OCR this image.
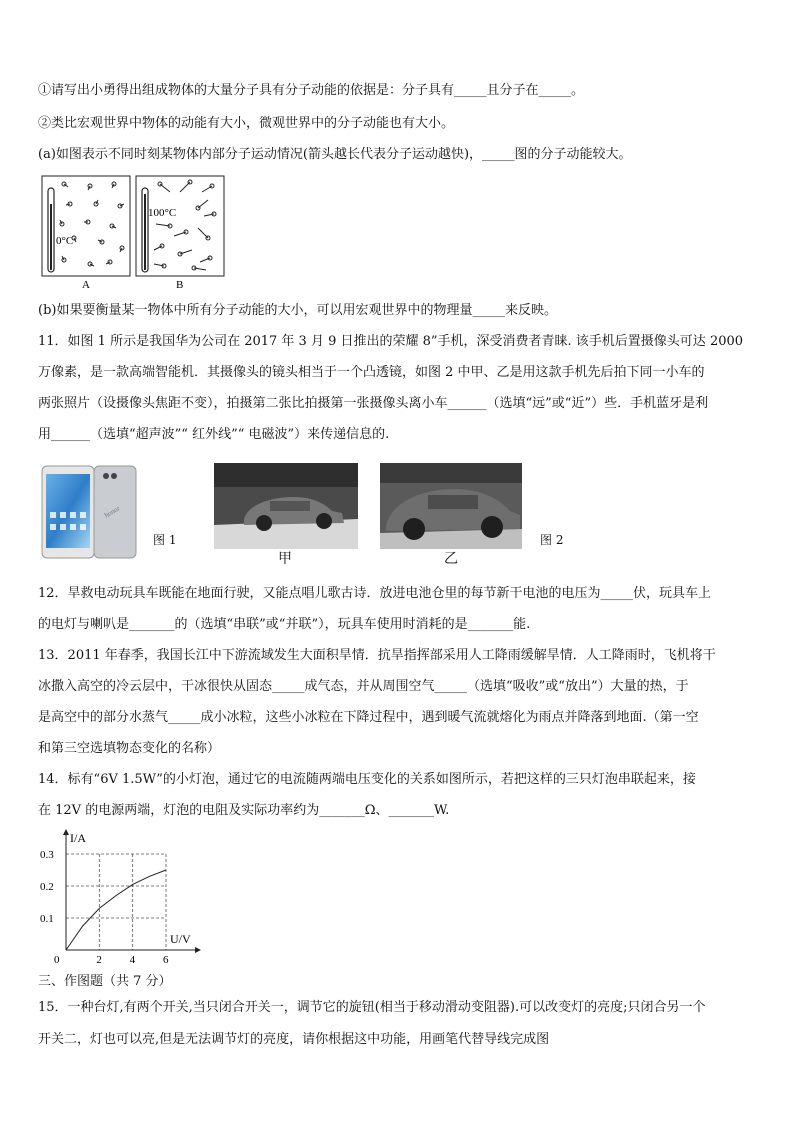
①请写出小勇得出组成物体的大量分子具有分子动能的依据是：分子具有_____且分子在_____。
②类比宏观世界中物体的动能有大小，微观世界中的分子动能也有大小。
(a)如图表示不同时刻某物体内部分子运动情况(箭头越长代表分子运动越快)，_____图的分子动能较大。
0°C
A
100°C
B
(b)如果要衡量某一物体中所有分子动能的大小，可以用宏观世界中的物理量_____来反映。
11．如图 1 所示是我国华为公司在 2017 年 3 月 9 日推出的荣耀 8”手机，深受消费者青睐. 该手机后置摄像头可达 2000
万像素，是一款高端智能机．其摄像头的镜头相当于一个凸透镜，如图 2 中甲、乙是用这款手机先后拍下同一小车的
两张照片（设摄像头焦距不变），拍摄第二张比拍摄第一张摄像头离小车______（选填“远”或“近”）些．手机蓝牙是利
用______（选填“超声波”“ 红外线”“ 电磁波”）来传递信息的.
honor
图 1
甲	乙
图 2
12．旱救电动玩具车既能在地面行驶，又能点唱儿歌古诗．放进电池仓里的每节新干电池的电压为_____伏，玩具车上
的电灯与喇叭是_______的（选填“串联”或“并联”），玩具车使用时消耗的是_______能.
13．2011 年春季，我国长江中下游流域发生大面积旱情．抗旱指挥部采用人工降雨缓解旱情．人工降雨时，飞机将干
冰撒入高空的冷云层中，干冰很快从固态_____成气态，并从周围空气_____（选填“吸收”或“放出”）大量的热，于
是高空中的部分水蒸气_____成小冰粒，这些小冰粒在下降过程中，遇到暖气流就熔化为雨点并降落到地面.（第一空
和第三空选填物态变化的名称）
14．标有“6V 1.5W”的小灯泡，通过它的电流随两端电压变化的关系如图所示，若把这样的三只灯泡串联起来，接
在 12V 的电源两端，灯泡的电阻及实际功率约为_______Ω、_______W.
I/A
U/V
0	2	4	6
0.1
0.2
0.3
三、作图题（共 7 分）
15．一种台灯,有两个开关,当只闭合开关一，调节它的旋钮(相当于移动滑动变阻器).可以改变灯的亮度;只闭合另一个
开关二，灯也可以亮,但是无法调节灯的亮度，请你根据这中功能，用画笔代替导线完成图
